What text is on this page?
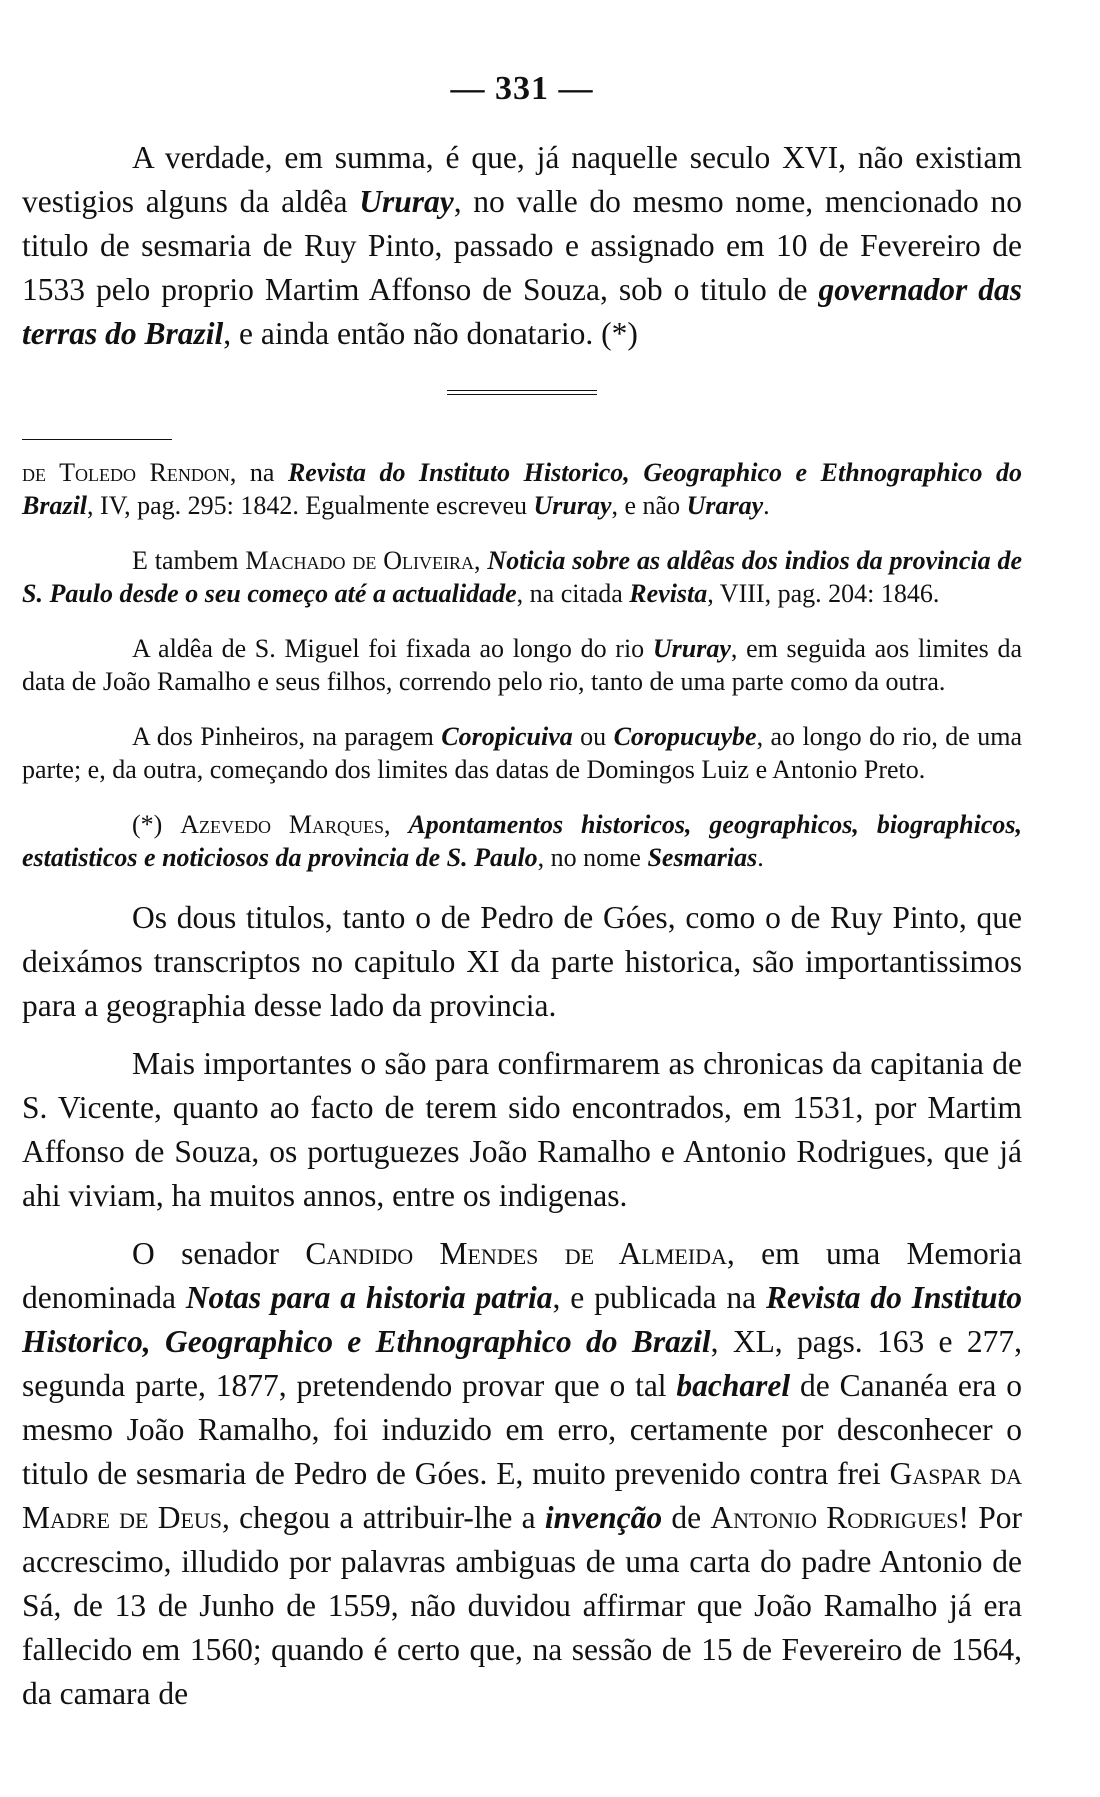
— 331 —

A verdade, em summa, é que, já naquelle seculo XVI, não existiam vestigios alguns da aldêa Ururay, no valle do mesmo nome, mencionado no titulo de sesmaria de Ruy Pinto, passado e assignado em 10 de Fevereiro de 1533 pelo proprio Martim Affonso de Souza, sob o titulo de governador das terras do Brazil, e ainda então não donatario. (*)

de Toledo Rendon, na Revista do Instituto Historico, Geographico e Ethnographico do Brazil, IV, pag. 295: 1842. Egualmente escreveu Ururay, e não Uraray.

E tambem Machado de Oliveira, Noticia sobre as aldêas dos indios da provincia de S. Paulo desde o seu começo até a actualidade, na citada Revista, VIII, pag. 204: 1846.

A aldêa de S. Miguel foi fixada ao longo do rio Ururay, em seguida aos limites da data de João Ramalho e seus filhos, correndo pelo rio, tanto de uma parte como da outra.

A dos Pinheiros, na paragem Coropicuiva ou Coropucuybe, ao longo do rio, de uma parte; e, da outra, começando dos limites das datas de Domingos Luiz e Antonio Preto.

(*) Azevedo Marques, Apontamentos historicos, geographicos, biographicos, estatisticos e noticiosos da provincia de S. Paulo, no nome Sesmarias.

Os dous titulos, tanto o de Pedro de Góes, como o de Ruy Pinto, que deixámos transcriptos no capitulo XI da parte historica, são importantissimos para a geographia desse lado da provincia.

Mais importantes o são para confirmarem as chronicas da capitania de S. Vicente, quanto ao facto de terem sido encontrados, em 1531, por Martim Affonso de Souza, os portuguezes João Ramalho e Antonio Rodrigues, que já ahi viviam, ha muitos annos, entre os indigenas.

O senador Candido Mendes de Almeida, em uma Memoria denominada Notas para a historia patria, e publicada na Revista do Instituto Historico, Geographico e Ethnographico do Brazil, XL, pags. 163 e 277, segunda parte, 1877, pretendendo provar que o tal bacharel de Cananéa era o mesmo João Ramalho, foi induzido em erro, certamente por desconhecer o titulo de sesmaria de Pedro de Góes. E, muito prevenido contra frei Gaspar da Madre de Deus, chegou a attribuir-lhe a invenção de Antonio Rodrigues! Por accrescimo, illudido por palavras ambiguas de uma carta do padre Antonio de Sá, de 13 de Junho de 1559, não duvidou affirmar que João Ramalho já era fallecido em 1560; quando é certo que, na sessão de 15 de Fevereiro de 1564, da camara de
